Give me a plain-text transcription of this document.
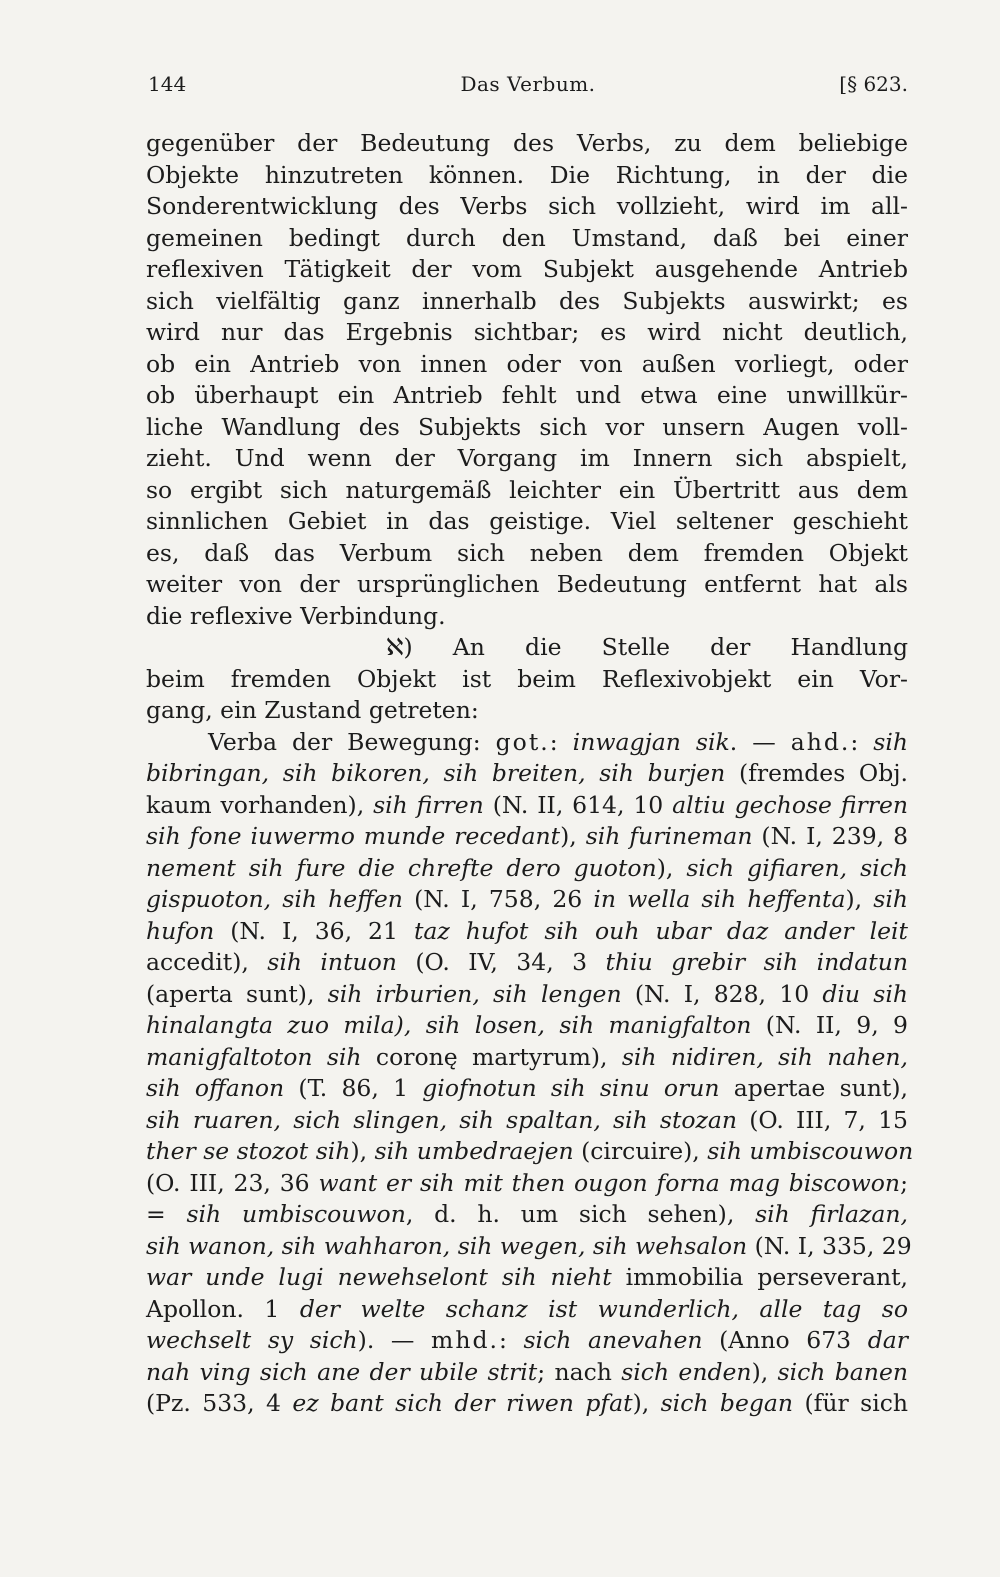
144	Das Verbum.	[§ 623.
gegenüber der Bedeutung des Verbs, zu dem beliebige
Objekte hinzutreten können. Die Richtung, in der die
Sonderentwicklung des Verbs sich vollzieht, wird im all-
gemeinen bedingt durch den Umstand, daß bei einer
reflexiven Tätigkeit der vom Subjekt ausgehende Antrieb
sich vielfältig ganz innerhalb des Subjekts auswirkt; es
wird nur das Ergebnis sichtbar; es wird nicht deutlich,
ob ein Antrieb von innen oder von außen vorliegt, oder
ob überhaupt ein Antrieb fehlt und etwa eine unwillkür-
liche Wandlung des Subjekts sich vor unsern Augen voll-
zieht. Und wenn der Vorgang im Innern sich abspielt,
so ergibt sich naturgemäß leichter ein Übertritt aus dem
sinnlichen Gebiet in das geistige. Viel seltener geschieht
es, daß das Verbum sich neben dem fremden Objekt
weiter von der ursprünglichen Bedeutung entfernt hat als
die reflexive Verbindung.
ℵ) An die Stelle der Handlung
beim fremden Objekt ist beim Reflexivobjekt ein Vor-
gang, ein Zustand getreten:
Verba der Bewegung: got.: inwagjan sik. — ahd.: sih
bibringan, sih bikoren, sih breiten, sih burjen (fremdes Obj.
kaum vorhanden), sih firren (N. II, 614, 10 altiu gechose firren
sih fone iuwermo munde recedant), sih furineman (N. I, 239, 8
nement sih fure die chrefte dero guoton), sich gifiaren, sich
gispuoton, sih heffen (N. I, 758, 26 in wella sih heffenta), sih
hufon (N. I, 36, 21 taz hufot sih ouh ubar daz ander leit
accedit), sih intuon (O. IV, 34, 3 thiu grebir sih indatun
(aperta sunt), sih irburien, sih lengen (N. I, 828, 10 diu sih
hinalangta zuo mila), sih losen, sih manigfalton (N. II, 9, 9
manigfaltoton sih coronę martyrum), sih nidiren, sih nahen,
sih offanon (T. 86, 1 giofnotun sih sinu orun apertae sunt),
sih ruaren, sich slingen, sih spaltan, sih stozan (O. III, 7, 15
ther se stozot sih), sih umbedraejen (circuire), sih umbiscouwon
(O. III, 23, 36 want er sih mit then ougon forna mag biscowon;
= sih umbiscouwon, d. h. um sich sehen), sih firlazan,
sih wanon, sih wahharon, sih wegen, sih wehsalon (N. I, 335, 29
war unde lugi newehselont sih nieht immobilia perseverant,
Apollon. 1 der welte schanz ist wunderlich, alle tag so
wechselt sy sich). — mhd.: sich anevahen (Anno 673 dar
nah ving sich ane der ubile strit; nach sich enden), sich banen
(Pz. 533, 4 ez bant sich der riwen pfat), sich began (für sich
